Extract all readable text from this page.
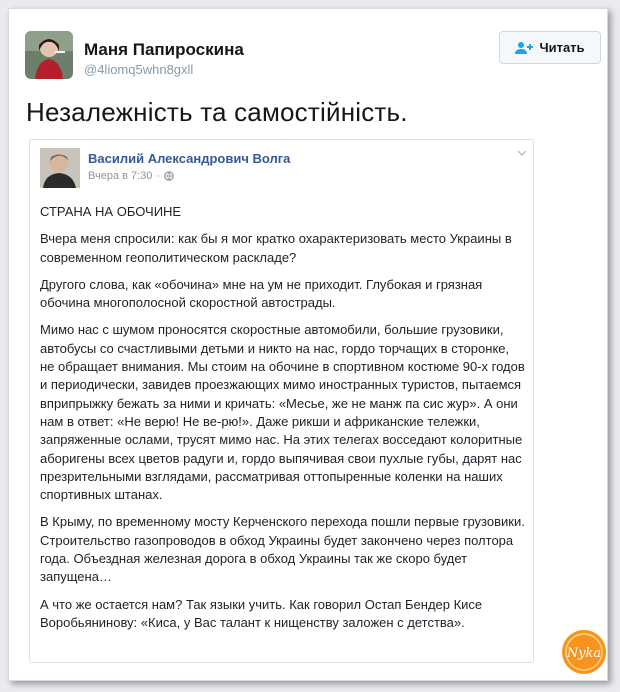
Маня Папироскина
@4liomq5whn8gxll
Читать
Незалежність та самостійність.
Василий Александрович Волга
Вчера в 7:30 ·

СТРАНА НА ОБОЧИНЕ

Вчера меня спросили: как бы я мог кратко охарактеризовать место Украины в современном геополитическом раскладе?

Другого слова, как «обочина» мне на ум не приходит. Глубокая и грязная обочина многополосной скоростной автострады.

Мимо нас с шумом проносятся скоростные автомобили, большие грузовики, автобусы со счастливыми детьми и никто на нас, гордо торчащих в сторонке, не обращает внимания. Мы стоим на обочине в спортивном костюме 90-х годов и периодически, завидев проезжающих мимо иностранных туристов, пытаемся вприпрыжку бежать за ними и кричать: «Месье, же не манж па сис жур». А они нам в ответ: «Не верю! Не ве-рю!». Даже рикши и африканские тележки, запряженные ослами, трусят мимо нас. На этих телегах восседают колоритные аборигены всех цветов радуги и, гордо выпячивая свои пухлые губы, дарят нас презрительными взглядами, рассматривая оттопыренные коленки на наших спортивных штанах.

В Крыму, по временному мосту Керченского перехода пошли первые грузовики. Строительство газопроводов в обход Украины будет закончено через полтора года. Объездная железная дорога в обход Украины так же скоро будет запущена…

А что же остается нам? Так языки учить. Как говорил Остап Бендер Кисе Воробьянинову: «Киса, у Вас талант к нищенству заложен с детства».

Nyka
